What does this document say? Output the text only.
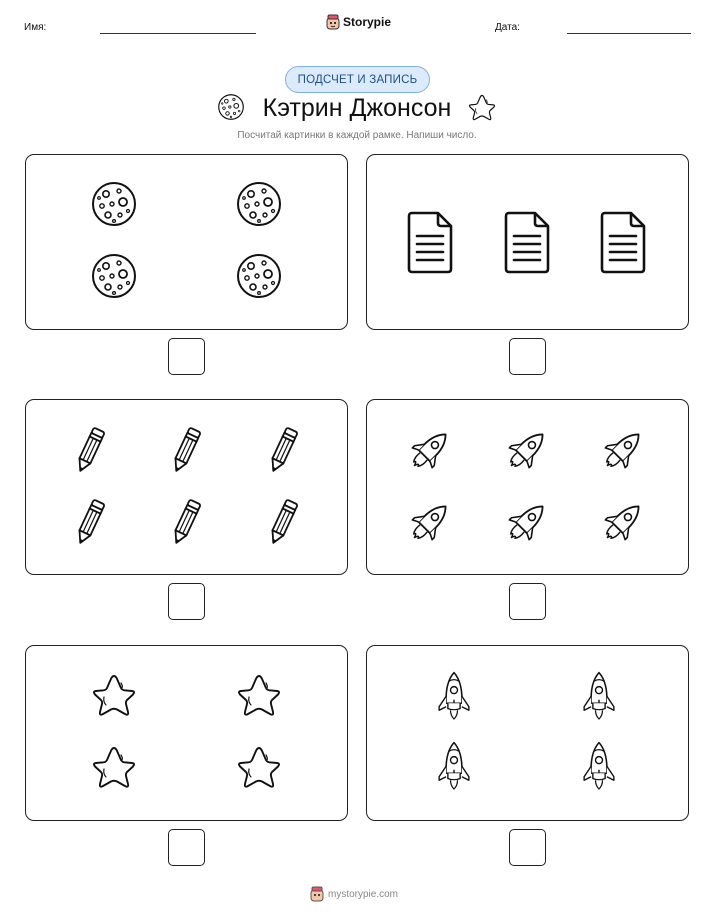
Имя:	Storypie	Дата:
ПОДСЧЕТ И ЗАПИСЬ
Кэтрин Джонсон
Посчитай картинки в каждой рамке. Напиши число.
mystorypie.com
